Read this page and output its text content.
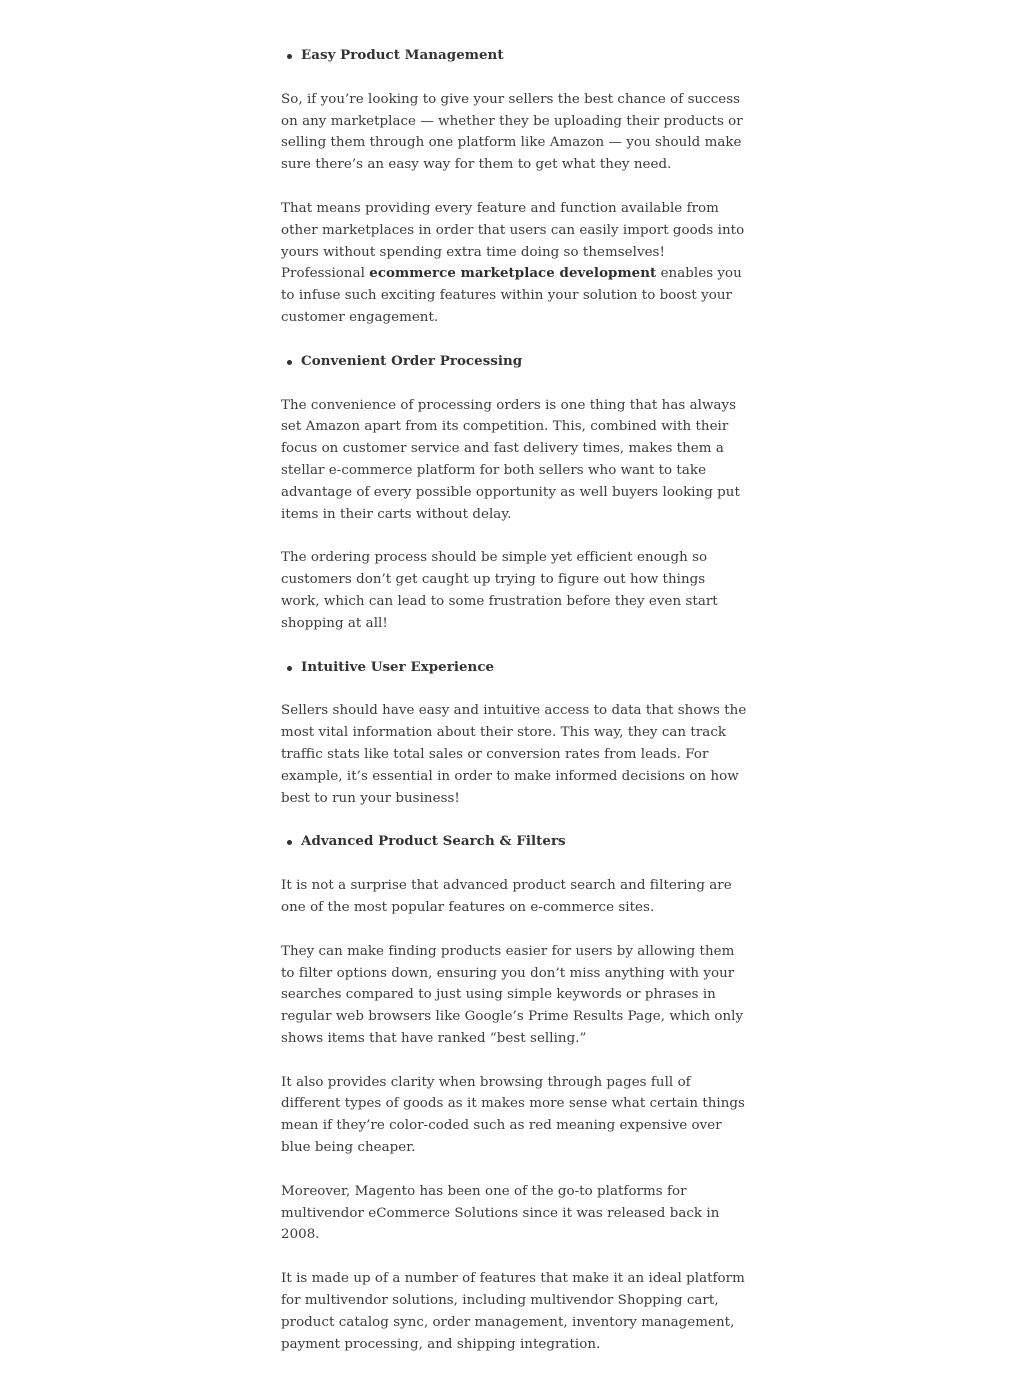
Easy Product Management

So, if you’re looking to give your sellers the best chance of success on any marketplace — whether they be uploading their products or selling them through one platform like Amazon — you should make sure there’s an easy way for them to get what they need.

That means providing every feature and function available from other marketplaces in order that users can easily import goods into yours without spending extra time doing so themselves! Professional ecommerce marketplace development enables you to infuse such exciting features within your solution to boost your customer engagement.

Convenient Order Processing

The convenience of processing orders is one thing that has always set Amazon apart from its competition. This, combined with their focus on customer service and fast delivery times, makes them a stellar e-commerce platform for both sellers who want to take advantage of every possible opportunity as well buyers looking put items in their carts without delay.

The ordering process should be simple yet efficient enough so customers don’t get caught up trying to figure out how things work, which can lead to some frustration before they even start shopping at all!

Intuitive User Experience

Sellers should have easy and intuitive access to data that shows the most vital information about their store. This way, they can track traffic stats like total sales or conversion rates from leads. For example, it’s essential in order to make informed decisions on how best to run your business!

Advanced Product Search & Filters

It is not a surprise that advanced product search and filtering are one of the most popular features on e-commerce sites.

They can make finding products easier for users by allowing them to filter options down, ensuring you don’t miss anything with your searches compared to just using simple keywords or phrases in regular web browsers like Google’s Prime Results Page, which only shows items that have ranked “best selling.”

It also provides clarity when browsing through pages full of different types of goods as it makes more sense what certain things mean if they’re color-coded such as red meaning expensive over blue being cheaper.

Moreover, Magento has been one of the go-to platforms for multivendor eCommerce Solutions since it was released back in 2008.

It is made up of a number of features that make it an ideal platform for multivendor solutions, including multivendor Shopping cart, product catalog sync, order management, inventory management, payment processing, and shipping integration.
